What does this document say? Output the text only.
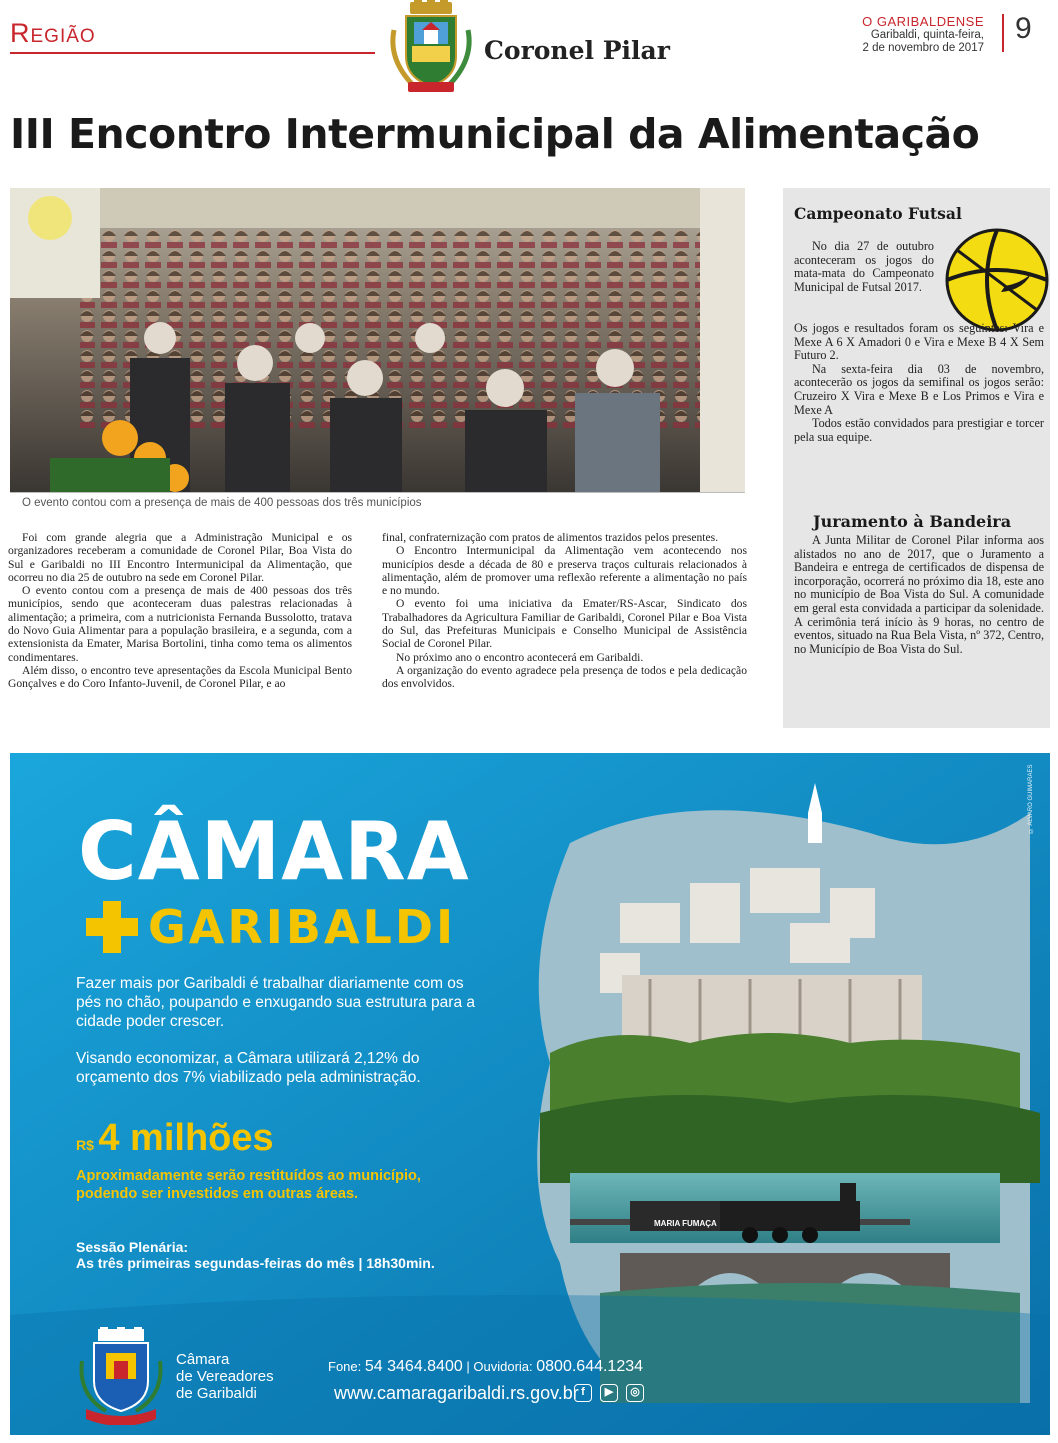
Região
Coronel Pilar
O GARIBALDENSE
Garibaldi, quinta-feira,
2 de novembro de 2017
9
III Encontro Intermunicipal da Alimentação
O evento contou com a presença de mais de 400 pessoas dos três municípios

Foi com grande alegria que a Administração Municipal e os organizadores receberam a comunidade de Coronel Pilar, Boa Vista do Sul e Garibaldi no III Encontro Intermunicipal da Alimentação, que ocorreu no dia 25 de outubro na sede em Coronel Pilar.

O evento contou com a presença de mais de 400 pessoas dos três municípios, sendo que aconteceram duas palestras relacionadas à alimentação; a primeira, com a nutricionista Fernanda Bussolotto, tratava do Novo Guia Alimentar para a população brasileira, e a segunda, com a extensionista da Emater, Marisa Bortolini, tinha como tema os alimentos condimentares.

Além disso, o encontro teve apresentações da Escola Municipal Bento Gonçalves e do Coro Infanto-Juvenil, de Coronel Pilar, e ao

final, confraternização com pratos de alimentos trazidos pelos presentes.

O Encontro Intermunicipal da Alimentação vem acontecendo nos municípios desde a década de 80 e preserva traços culturais relacionados à alimentação, além de promover uma reflexão referente a alimentação no país e no mundo.

O evento foi uma iniciativa da Emater/RS-Ascar, Sindicato dos Trabalhadores da Agricultura Familiar de Garibaldi, Coronel Pilar e Boa Vista do Sul, das Prefeituras Municipais e Conselho Municipal de Assistência Social de Coronel Pilar.

No próximo ano o encontro acontecerá em Garibaldi.

A organização do evento agradece pela presença de todos e pela dedicação dos envolvidos.

Campeonato Futsal

No dia 27 de outubro aconteceram os jogos do mata-mata do Campeonato Municipal de Futsal 2017.

Os jogos e resultados foram os seguintes: Vira e Mexe A 6 X Amadori 0 e Vira e Mexe B 4 X Sem Futuro 2.

Na sexta-feira dia 03 de novembro, acontecerão os jogos da semifinal os jogos serão: Cruzeiro X Vira e Mexe B e Los Primos e Vira e Mexe A

Todos estão convidados para prestigiar e torcer pela sua equipe.

Juramento à Bandeira

A Junta Militar de Coronel Pilar informa aos alistados no ano de 2017, que o Juramento a Bandeira e entrega de certificados de dispensa de incorporação, ocorrerá no próximo dia 18, este ano no município de Boa Vista do Sul. A comunidade em geral esta convidada a participar da solenidade. A cerimônia terá início às 9 horas, no centro de eventos, situado na Rua Bela Vista, nº 372, Centro, no Município de Boa Vista do Sul.

MARIA FUMAÇA
© ALVARO GUIMARÃES
CÂMARA
GARIBALDI
Fazer mais por Garibaldi é trabalhar diariamente com os pés no chão, poupando e enxugando sua estrutura para a cidade poder crescer.
Visando economizar, a Câmara utilizará 2,12% do orçamento dos 7% viabilizado pela administração.
R$ 4 milhões
Aproximadamente serão restituídos ao município, podendo ser investidos em outras áreas.
Sessão Plenária:
As três primeiras segundas-feiras do mês | 18h30min.
Câmara
de Vereadores
de Garibaldi
Fone: 54 3464.8400 | Ouvidoria: 0800.644.1234
www.camaragaribaldi.rs.gov.br f	▶	◎
